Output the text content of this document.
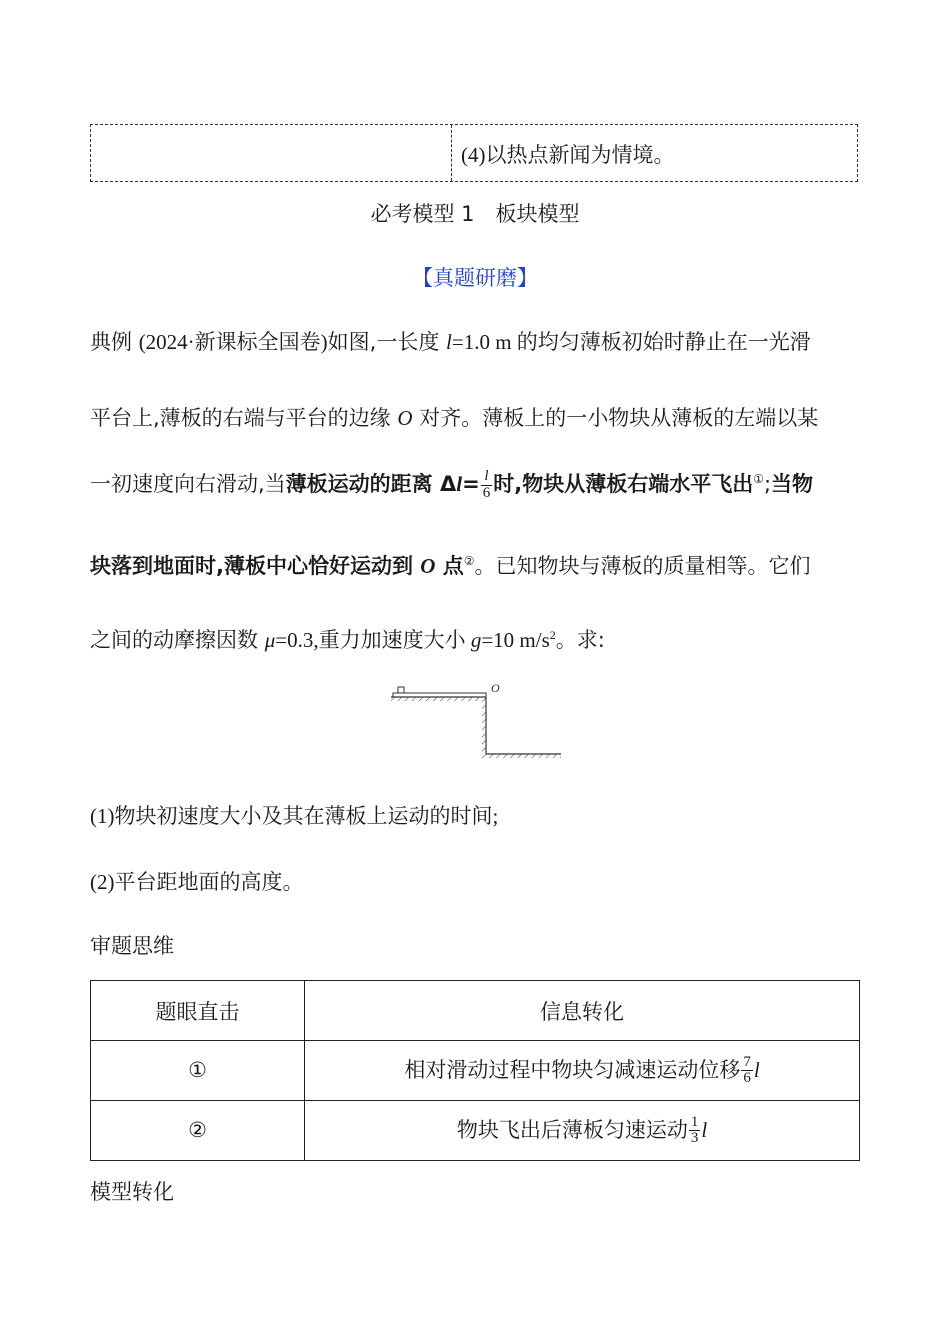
(4)以热点新闻为情境。
必考模型 1　板块模型
【真题研磨】
典例 (2024·新课标全国卷)如图,一长度 l=1.0 m 的均匀薄板初始时静止在一光滑
平台上,薄板的右端与平台的边缘 O 对齐。薄板上的一小物块从薄板的左端以某
一初速度向右滑动,当薄板运动的距离 $\Delta l= \frac{l}{6}$ 时,物块从薄板右端水平飞出①;当物
块落到地面时,薄板中心恰好运动到 O 点②。已知物块与薄板的质量相等。它们
之间的动摩擦因数 μ=0.3,重力加速度大小 g=10 $m/s^2$。求:
O
(1)物块初速度大小及其在薄板上运动的时间;
(2)平台距地面的高度。
审题思维
题眼直击	信息转化
①	相对滑动过程中物块匀减速运动位移 $\frac{7}{6}$ l
②	物块飞出后薄板匀速运动 $\frac{1}{3}$ l
模型转化
